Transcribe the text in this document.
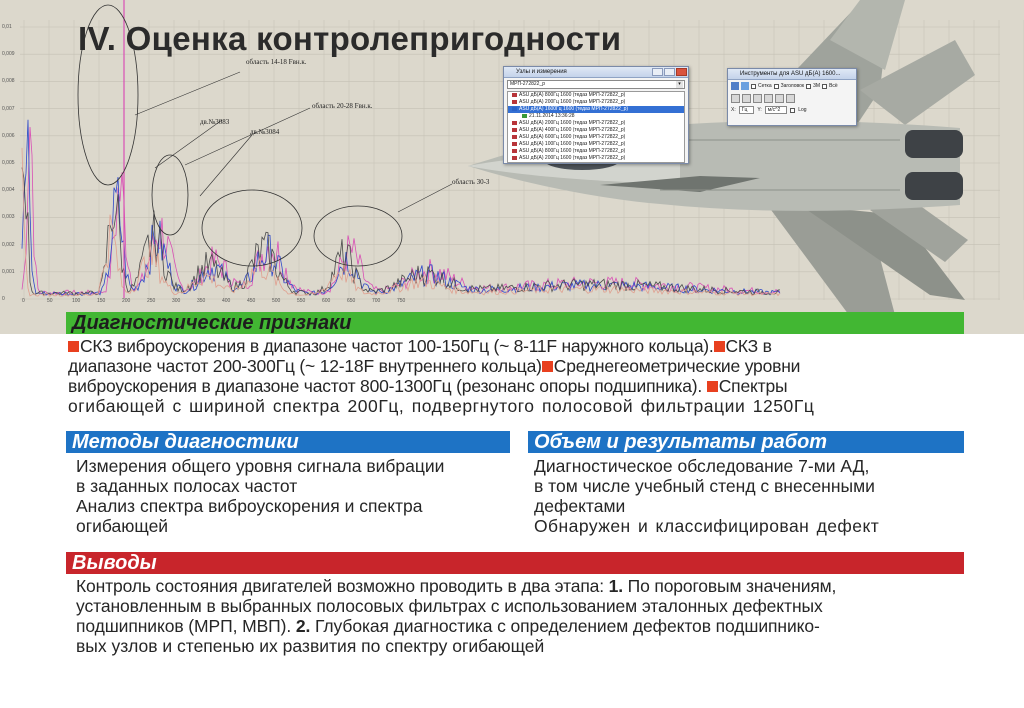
IV. Оценка контролепригодности
область 14-18 Fвн.к.
дв.№3083
область 20-28 Fвн.к.
дв.№3084
область 30-3
0,01
0,009
0,008
0,007
0,006
0,005
0,004
0,003
0,002
0,001
0	0	50	100	150	200	250	300	350	400	450	500	550	600	650	700	750
Узлы и измерения
МРП-272822_р	▾
ASU дБ(А) 800Гц 1600 (тедаз МРП-272822_р)
ASU дБ(А) 200Гц 1600 (тедаз МРП-272822_р)
ASU дБ(А) 1600Гц 1600 (тедаз МРП-272822_р)
21.11.2014 13:36:28
ASU дБ(А) 200Гц 1600 (тедаз МРП-272822_р)
ASU дБ(А) 400Гц 1600 (тедаз МРП-272822_р)
ASU дБ(А) 600Гц 1600 (тедаз МРП-272822_р)
ASU дБ(А) 100Гц 1600 (тедаз МРП-272822_р)
ASU дБ(А) 800Гц 1600 (тедаз МРП-272822_р)
ASU дБ(А) 200Гц 1600 (тедаз МРП-272822_р)
Инструменты для ASU дБ(А) 1600...
Сетка Заголовок 3М Всё
X:	Гц	Y:	м/с^2	Log
Диагностические признаки
СКЗ виброускорения в диапазоне частот 100-150Гц (~ 8-11F наружного кольца). СКЗ в
диапазоне частот 200-300Гц (~ 12-18F внутреннего кольца) Среднегеометрические уровни
виброускорения в диапазоне частот 800-1300Гц (резонанс опоры подшипника). Спектры
огибающей с шириной спектра 200Гц, подвергнутого полосовой фильтрации 1250Гц
Методы диагностики
Измерения общего уровня сигнала вибрации
в заданных полосах частот
Анализ спектра виброускорения и спектра
огибающей
Объем и результаты работ
Диагностическое обследование 7-ми АД,
в том числе учебный стенд с внесенными
дефектами
Обнаружен и классифицирован дефект
Выводы
Контроль состояния двигателей возможно проводить в два этапа: 1. По пороговым значениям,
установленным в выбранных полосовых фильтрах с использованием эталонных дефектных
подшипников (МРП, МВП). 2. Глубокая диагностика с определением дефектов подшипнико-
вых узлов и степенью их развития по спектру огибающей
